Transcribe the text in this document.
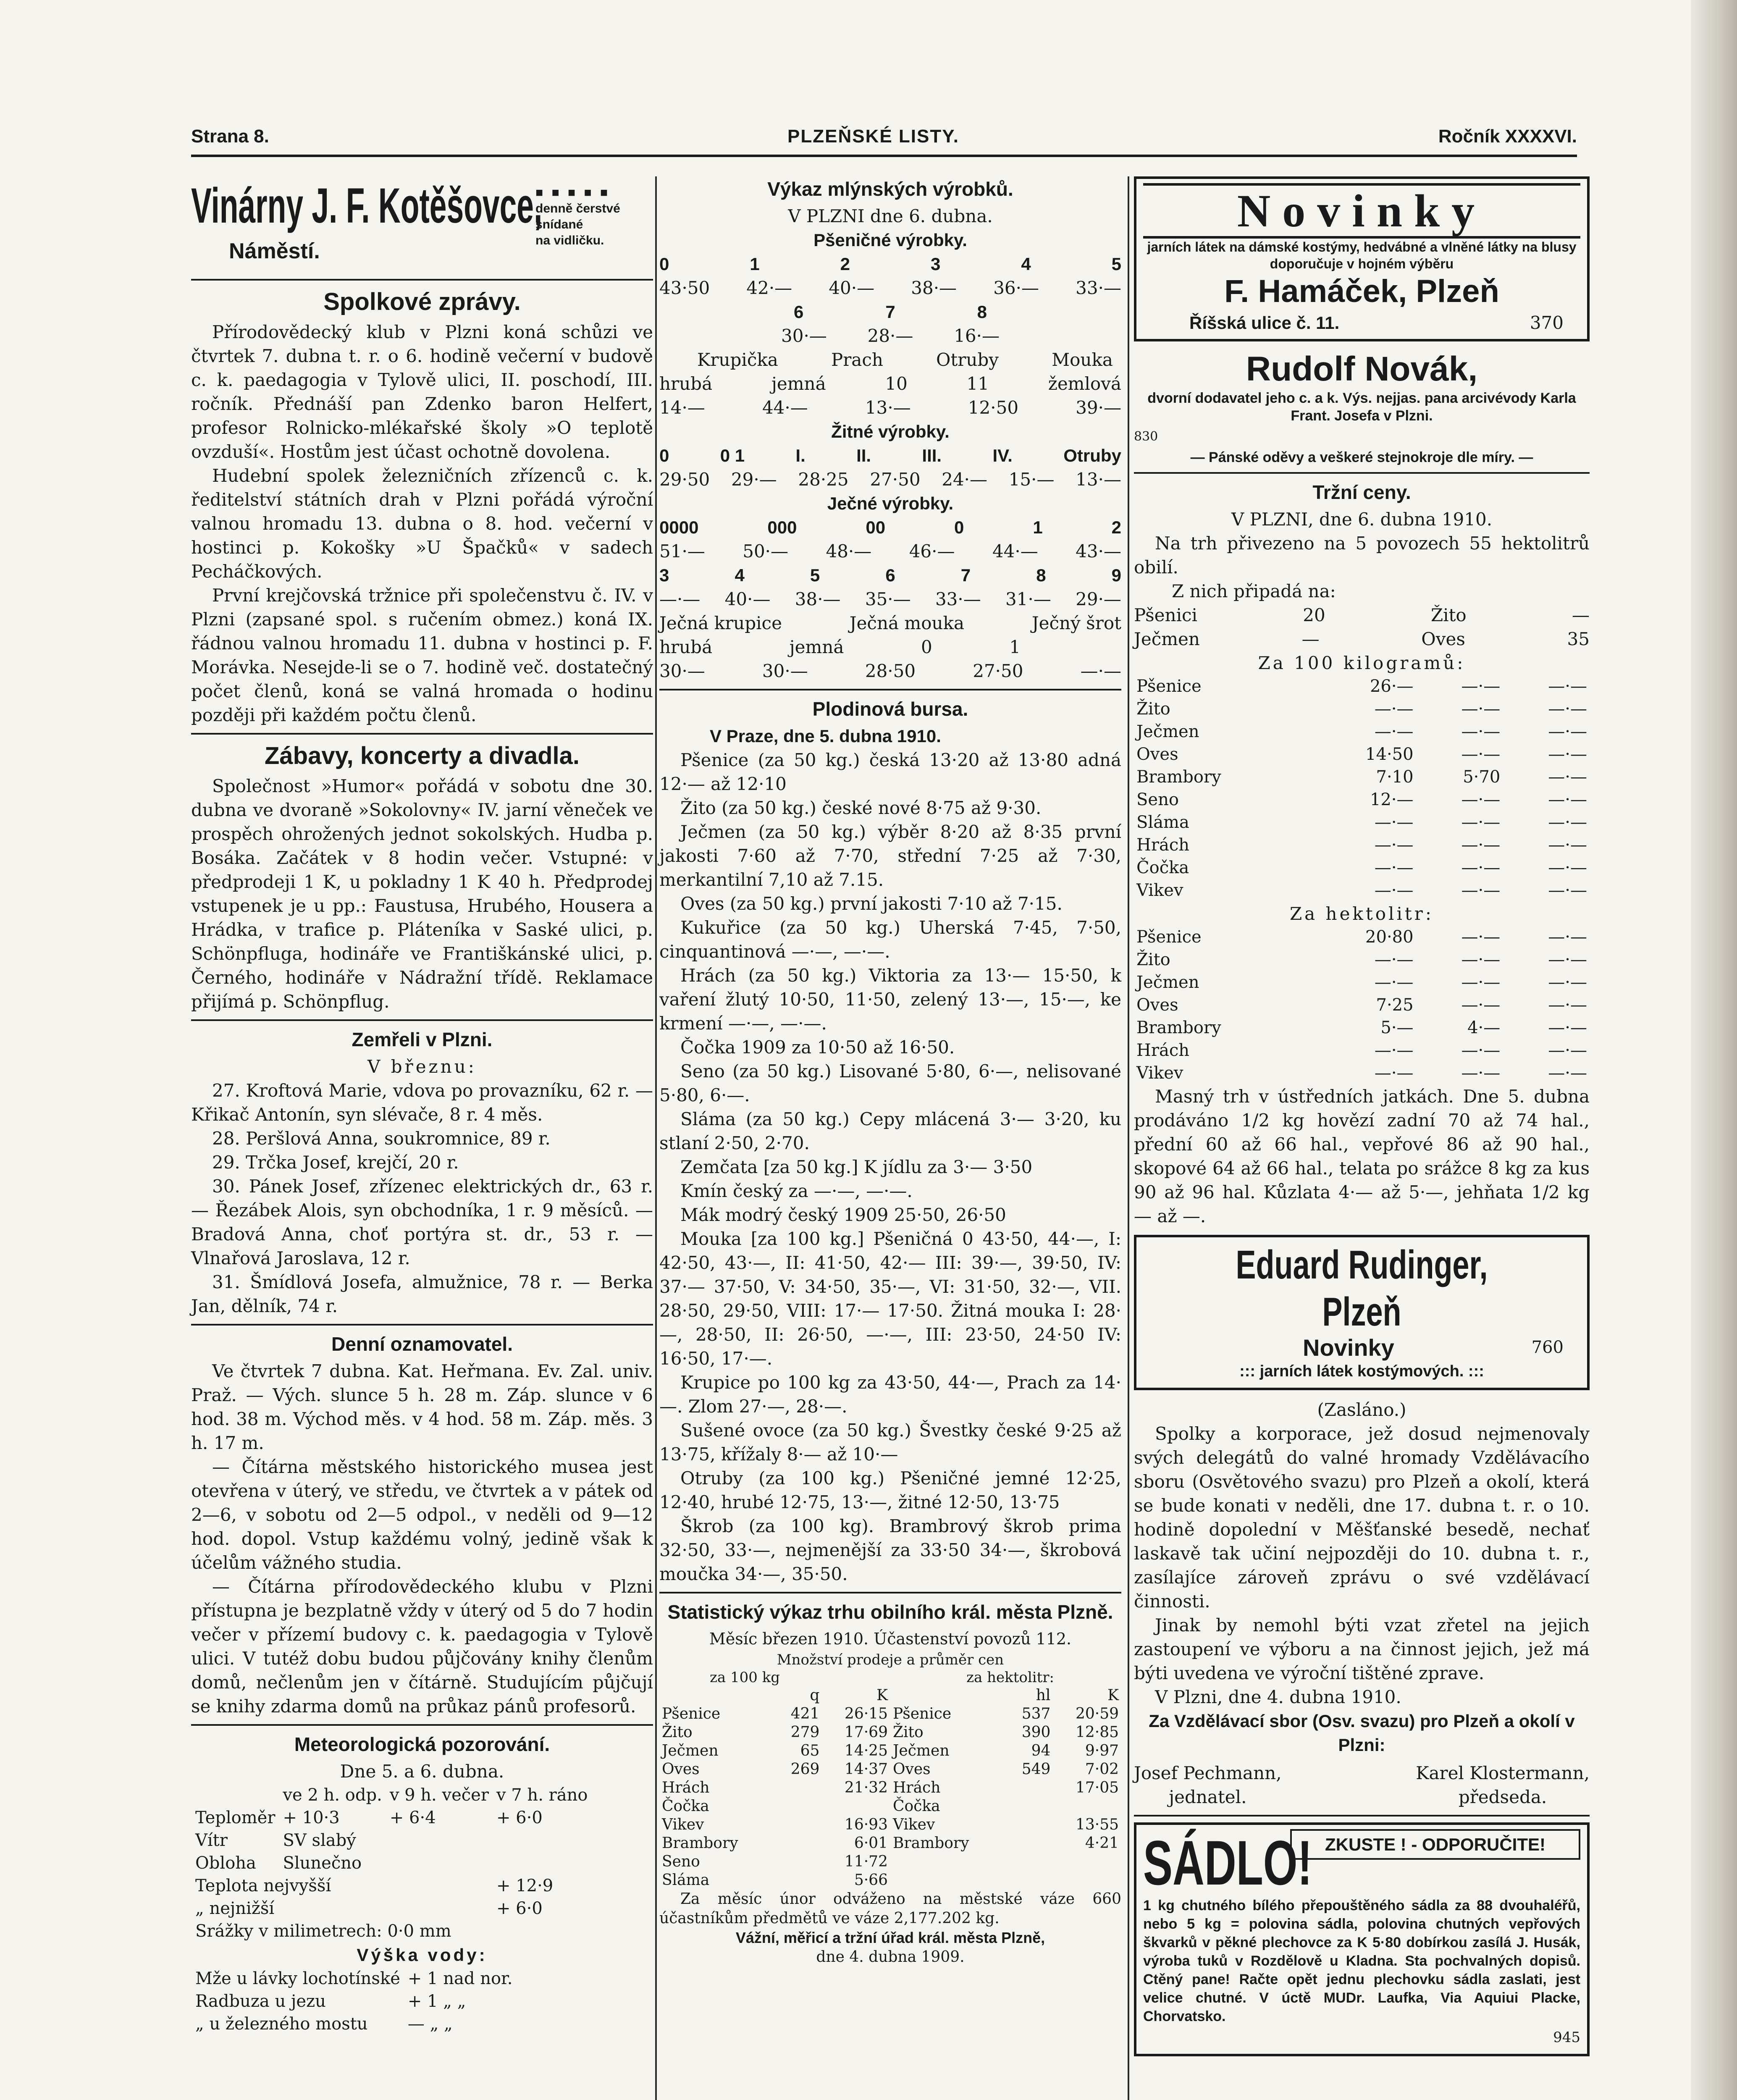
Strana 8.	PLZEŇSKÉ LISTY.	Ročník XXXXVI.
Vinárny J. F. Kotěšovce,
■ ■ ■ ■ ■
denně čerstvé
snídané
na vidličku.
Náměstí.
Spolkové zprávy.

Přírodovědecký klub v Plzni koná schůzi ve čtvrtek 7. dubna t. r. o 6. hodině večerní v budově c. k. paedagogia v Tylově ulici, II. poschodí, III. ročník. Přednáší pan Zdenko baron Helfert, profesor Rolnicko-mlékařské školy »O teplotě ovzduší«. Hostům jest účast ochotně dovolena.

Hudební spolek železničních zřízenců c. k. ředitelství státních drah v Plzni pořádá výroční valnou hromadu 13. dubna o 8. hod. večerní v hostinci p. Kokošky »U Špačků« v sadech Pecháčkových.

První krejčovská tržnice při společenstvu č. IV. v Plzni (zapsané spol. s ručením obmez.) koná IX. řádnou valnou hromadu 11. dubna v hostinci p. F. Morávka. Nesejde-li se o 7. hodině več. dostatečný počet členů, koná se valná hromada o hodinu později při každém počtu členů.

Zábavy, koncerty a divadla.

Společnost »Humor« pořádá v sobotu dne 30. dubna ve dvoraně »Sokolovny« IV. jarní věneček ve prospěch ohrožených jednot sokolských. Hudba p. Bosáka. Začátek v 8 hodin večer. Vstupné: v předprodeji 1 K, u pokladny 1 K 40 h. Předprodej vstupenek je u pp.: Faustusa, Hrubého, Housera a Hrádka, v trafice p. Pláteníka v Saské ulici, p. Schönpfluga, hodináře ve Františkánské ulici, p. Černého, hodináře v Nádražní třídě. Reklamace přijímá p. Schönpflug.

Zemřeli v Plzni.
V březnu:

27. Kroftová Marie, vdova po provazníku, 62 r. — Křikač Antonín, syn slévače, 8 r. 4 měs.

28. Peršlová Anna, soukromnice, 89 r.

29. Trčka Josef, krejčí, 20 r.

30. Pánek Josef, zřízenec elektrických dr., 63 r. — Řezábek Alois, syn obchodníka, 1 r. 9 měsíců. — Bradová Anna, choť portýra st. dr., 53 r. — Vlnařová Jaroslava, 12 r.

31. Šmídlová Josefa, almužnice, 78 r. — Berka Jan, dělník, 74 r.

Denní oznamovatel.

Ve čtvrtek 7 dubna. Kat. Heřmana. Ev. Zal. univ. Praž. — Vých. slunce 5 h. 28 m. Záp. slunce v 6 hod. 38 m. Východ měs. v 4 hod. 58 m. Záp. měs. 3 h. 17 m.

— Čítárna městského historického musea jest otevřena v úterý, ve středu, ve čtvrtek a v pátek od 2—6, v sobotu od 2—5 odpol., v neděli od 9—12 hod. dopol. Vstup každému volný, jedině však k účelům vážného studia.

— Čítárna přírodovědeckého klubu v Plzni přístupna je bezplatně vždy v úterý od 5 do 7 hodin večer v přízemí budovy c. k. paedagogia v Tylově ulici. V tutéž dobu budou půjčovány knihy členům domů, nečlenům jen v čítárně. Studujícím půjčují se knihy zdarma domů na průkaz pánů profesorů.

Meteorologická pozorování.
Dne 5. a 6. dubna.
	ve 2 h. odp.	v 9 h. večer	v 7 h. ráno
Teploměr	+ 10·3	+ 6·4	+ 6·0
Vítr	SV slabý		
Obloha	Slunečno		
Teplota nejvyšší			+ 12·9
„ nejnižší			+ 6·0
Srážky v milimetrech: 0·0 mm			
Výška vody:
Mže u lávky lochotínské	+ 1 nad nor.
Radbuza u jezu	+ 1 „ „
„ u železného mostu	— „ „
Výkaz mlýnských výrobků.
V PLZNI dne 6. dubna.
Pšeničné výrobky.
0	1	2	3	4	5
43·50 42·— 40·— 38·— 36·— 33·—
6	7	8
30·— 28·— 16·—
Krupička	Prach	Otruby	Mouka
hrubá	jemná	10	11	žemlová
14·—	44·—	13·—	12·50	39·—
Žitné výrobky.
0	0 1	I.	II.	III.	IV.	Otruby
29·50 29·— 28·25 27·50 24·— 15·— 13·—
Ječné výrobky.
0000	000	00	0	1	2
51·— 50·— 48·— 46·— 44·— 43·—
3	4	5	6	7	8	9
—·— 40·— 38·— 35·— 33·— 31·— 29·—
Ječná krupice	Ječná mouka	Ječný šrot
hrubá	jemná	0	1
30·—	30·—	28·50	27·50	—·—
Plodinová bursa.
V Praze, dne 5. dubna 1910.

Pšenice (za 50 kg.) česká 13·20 až 13·80 adná 12·— až 12·10

Žito (za 50 kg.) české nové 8·75 až 9·30.

Ječmen (za 50 kg.) výběr 8·20 až 8·35 první jakosti 7·60 až 7·70, střední 7·25 až 7·30, merkantilní 7,10 až 7.15.

Oves (za 50 kg.) první jakosti 7·10 až 7·15.

Kukuřice (za 50 kg.) Uherská 7·45, 7·50, cinquantinová —·—, —·—.

Hrách (za 50 kg.) Viktoria za 13·— 15·50, k vaření žlutý 10·50, 11·50, zelený 13·—, 15·—, ke krmení —·—, —·—.

Čočka 1909 za 10·50 až 16·50.

Seno (za 50 kg.) Lisované 5·80, 6·—, nelisované 5·80, 6·—.

Sláma (za 50 kg.) Cepy mlácená 3·— 3·20, ku stlaní 2·50, 2·70.

Zemčata [za 50 kg.] K jídlu za 3·— 3·50

Kmín český za —·—, —·—.

Mák modrý český 1909 25·50, 26·50

Mouka [za 100 kg.] Pšeničná 0 43·50, 44·—, I: 42·50, 43·—, II: 41·50, 42·— III: 39·—, 39·50, IV: 37·— 37·50, V: 34·50, 35·—, VI: 31·50, 32·—, VII. 28·50, 29·50, VIII: 17·— 17·50. Žitná mouka I: 28·—, 28·50, II: 26·50, —·—, III: 23·50, 24·50 IV: 16·50, 17·—.

Krupice po 100 kg za 43·50, 44·—, Prach za 14·—. Zlom 27·—, 28·—.

Sušené ovoce (za 50 kg.) Švestky české 9·25 až 13·75, křížaly 8·— až 10·—

Otruby (za 100 kg.) Pšeničné jemné 12·25, 12·40, hrubé 12·75, 13·—, žitné 12·50, 13·75

Škrob (za 100 kg). Brambrový škrob prima 32·50, 33·—, nejmenější za 33·50 34·—, škrobová moučka 34·—, 35·50.

Statistický výkaz trhu obilního král. města Plzně.
Měsíc březen 1910. Účastenství povozů 112.
Množství prodeje a průměr cen
za 100 kg	za hektolitr:
	q	K		hl	K
Pšenice	421	26·15	Pšenice	537	20·59
Žito	279	17·69	Žito	390	12·85
Ječmen	65	14·25	Ječmen	94	9·97
Oves	269	14·37	Oves	549	7·02
Hrách		21·32	Hrách		17·05
Čočka			Čočka		
Vikev		16·93	Vikev		13·55
Brambory		6·01	Brambory		4·21
Seno		11·72			
Sláma		5·66			

Za měsíc únor odváženo na městské váze 660 účastníkům předmětů ve váze 2,177.202 kg.

Vážní, měřicí a tržní úřad král. města Plzně,
dne 4. dubna 1909.
Novinky
jarních látek na dámské kostýmy, hedvábné a vlněné látky na blusy doporučuje v hojném výběru
F. Hamáček, Plzeň
Říšská ulice č. 11.	370
Rudolf Novák,
dvorní dodavatel jeho c. a k. Výs. nejjas. pana arcivévody Karla Frant. Josefa v Plzni.
830
— Pánské oděvy a veškeré stejnokroje dle míry. —
Tržní ceny.
V PLZNI, dne 6. dubna 1910.

Na trh přivezeno na 5 povozech 55 hektolitrů obilí.

Z nich připadá na:
Pšenici	20	Žito	—
Ječmen	—	Oves	35
Za 100 kilogramů:
Pšenice	26·—	—·—	—·—
Žito	—·—	—·—	—·—
Ječmen	—·—	—·—	—·—
Oves	14·50	—·—	—·—
Brambory	7·10	5·70	—·—
Seno	12·—	—·—	—·—
Sláma	—·—	—·—	—·—
Hrách	—·—	—·—	—·—
Čočka	—·—	—·—	—·—
Vikev	—·—	—·—	—·—
Za hektolitr:
Pšenice	20·80	—·—	—·—
Žito	—·—	—·—	—·—
Ječmen	—·—	—·—	—·—
Oves	7·25	—·—	—·—
Brambory	5·—	4·—	—·—
Hrách	—·—	—·—	—·—
Vikev	—·—	—·—	—·—

Masný trh v ústředních jatkách. Dne 5. dubna prodáváno 1/2 kg hovězí zadní 70 až 74 hal., přední 60 až 66 hal., vepřové 86 až 90 hal., skopové 64 až 66 hal., telata po srážce 8 kg za kus 90 až 96 hal. Kůzlata 4·— až 5·—, jehňata 1/2 kg — až —.

Eduard Rudinger, Plzeň
Novinky	760
::: jarních látek kostýmových. :::
(Zasláno.)

Spolky a korporace, jež dosud nejmenovaly svých delegátů do valné hromady Vzdělávacího sboru (Osvětového svazu) pro Plzeň a okolí, která se bude konati v neděli, dne 17. dubna t. r. o 10. hodině dopolední v Měšťanské besedě, nechať laskavě tak učiní nejpozději do 10. dubna t. r., zasílajíce zároveň zprávu o své vzdělávací činnosti.

Jinak by nemohl býti vzat zřetel na jejich zastoupení ve výboru a na činnost jejich, jež má býti uvedena ve výroční tištěné zprave.

V Plzni, dne 4. dubna 1910.

Za Vzdělávací sbor (Osv. svazu) pro Plzeň a okolí v Plzni:
Josef Pechmann,
jednatel.
Karel Klostermann,
předseda.
SÁDLO! ZKUSTE ! - ODPORUČITE!

1 kg chutného bílého přepouštěného sádla za 88 dvouhaléřů, nebo 5 kg = polovina sádla, polovina chutných vepřových škvarků v pěkné plechovce za K 5·80 dobírkou zasílá J. Husák, výroba tuků v Rozdělově u Kladna. Sta pochvalných dopisů. Ctěný pane! Račte opět jednu plechovku sádla zaslati, jest velice chutné. V úctě MUDr. Laufka, Via Aquiui Placke, Chorvatsko.

945
